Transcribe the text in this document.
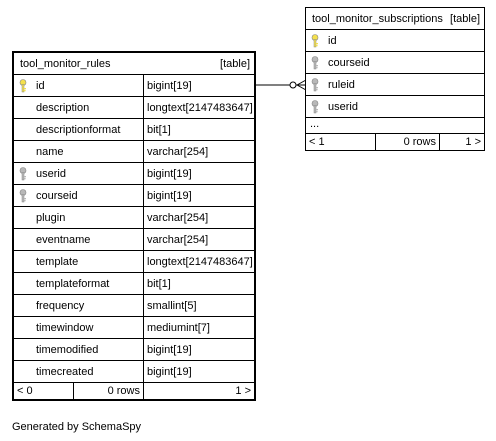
tool_monitor_rules	[table]
id	bigint[19]
description	longtext[2147483647]
descriptionformat bit[1]
name	varchar[254]
userid	bigint[19]
courseid	bigint[19]
plugin	varchar[254]
eventname	varchar[254]
template	longtext[2147483647]
templateformat	bit[1]
frequency	smallint[5]
timewindow	mediumint[7]
timemodified	bigint[19]
timecreated	bigint[19]
< 0	0 rows	1 >
tool_monitor_subscriptions [table]
id
courseid
ruleid
userid
...
< 1	0 rows	1 >
Generated by SchemaSpy
